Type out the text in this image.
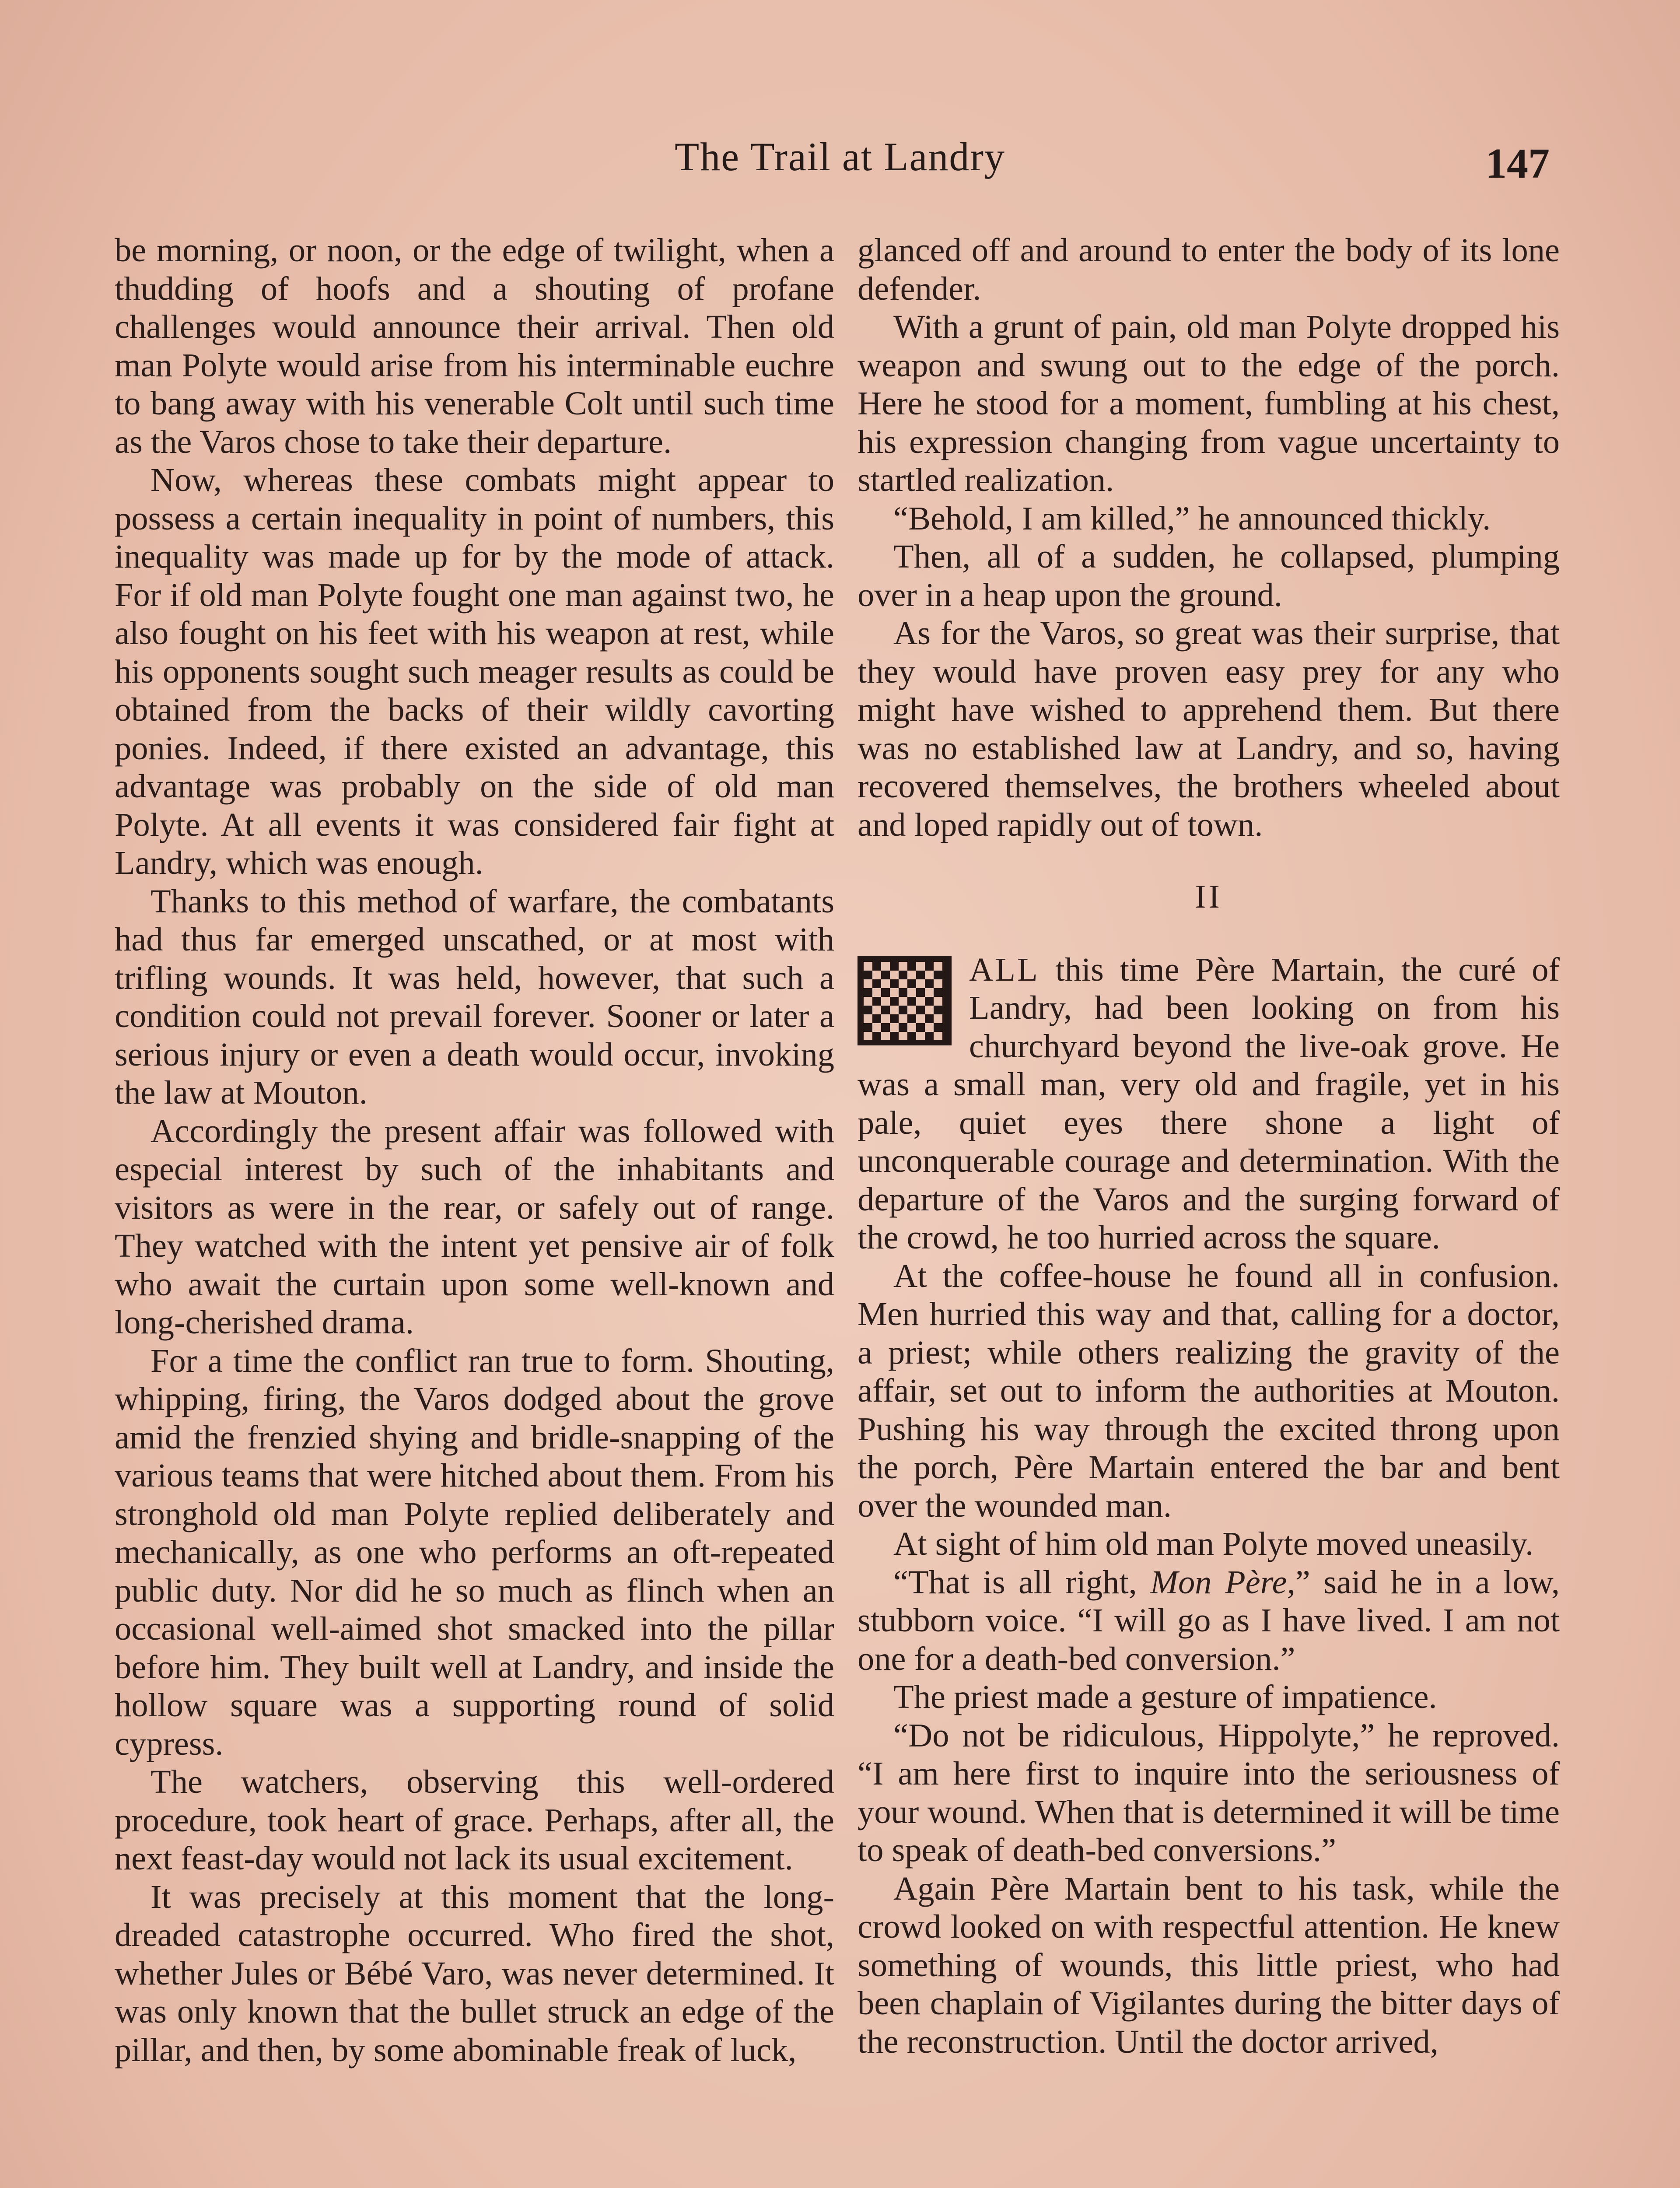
The Trail at Landry	147

be morning, or noon, or the edge of twilight, when a thudding of hoofs and a shouting of profane challenges would announce their arrival. Then old man Polyte would arise from his interminable euchre to bang away with his venerable Colt until such time as the Varos chose to take their departure.

Now, whereas these combats might appear to possess a certain inequality in point of numbers, this inequality was made up for by the mode of attack. For if old man Polyte fought one man against two, he also fought on his feet with his weapon at rest, while his opponents sought such meager results as could be obtained from the backs of their wildly cavorting ponies. Indeed, if there existed an advantage, this advantage was probably on the side of old man Polyte. At all events it was considered fair fight at Landry, which was enough.

Thanks to this method of warfare, the combatants had thus far emerged unscathed, or at most with trifling wounds. It was held, however, that such a condition could not prevail forever. Sooner or later a serious injury or even a death would occur, invoking the law at Mouton.

Accordingly the present affair was followed with especial interest by such of the inhabitants and visitors as were in the rear, or safely out of range. They watched with the intent yet pensive air of folk who await the curtain upon some well-known and long-cherished drama.

For a time the conflict ran true to form. Shouting, whipping, firing, the Varos dodged about the grove amid the frenzied shying and bridle-snapping of the various teams that were hitched about them. From his stronghold old man Polyte replied deliberately and mechanically, as one who performs an oft-repeated public duty. Nor did he so much as flinch when an occasional well-aimed shot smacked into the pillar before him. They built well at Landry, and inside the hollow square was a supporting round of solid cypress.

The watchers, observing this well-ordered procedure, took heart of grace. Perhaps, after all, the next feast-day would not lack its usual excitement.

It was precisely at this moment that the long-dreaded catastrophe occurred. Who fired the shot, whether Jules or Bébé Varo, was never determined. It was only known that the bullet struck an edge of the pillar, and then, by some abominable freak of luck,

glanced off and around to enter the body of its lone defender.

With a grunt of pain, old man Polyte dropped his weapon and swung out to the edge of the porch. Here he stood for a moment, fumbling at his chest, his expression changing from vague uncertainty to startled realization.

“Behold, I am killed,” he announced thickly.

Then, all of a sudden, he collapsed, plumping over in a heap upon the ground.

As for the Varos, so great was their surprise, that they would have proven easy prey for any who might have wished to apprehend them. But there was no established law at Landry, and so, having recovered themselves, the brothers wheeled about and loped rapidly out of town.

II

ALL this time Père Martain, the curé of Landry, had been looking on from his churchyard beyond the live-oak grove. He was a small man, very old and fragile, yet in his pale, quiet eyes there shone a light of unconquerable courage and determination. With the departure of the Varos and the surging forward of the crowd, he too hurried across the square.

At the coffee-house he found all in confusion. Men hurried this way and that, calling for a doctor, a priest; while others realizing the gravity of the affair, set out to inform the authorities at Mouton. Pushing his way through the excited throng upon the porch, Père Martain entered the bar and bent over the wounded man.

At sight of him old man Polyte moved uneasily.

“That is all right, Mon Père,” said he in a low, stubborn voice. “I will go as I have lived. I am not one for a death-bed conversion.”

The priest made a gesture of impatience.

“Do not be ridiculous, Hippolyte,” he reproved. “I am here first to inquire into the seriousness of your wound. When that is determined it will be time to speak of death-bed conversions.”

Again Père Martain bent to his task, while the crowd looked on with respectful attention. He knew something of wounds, this little priest, who had been chaplain of Vigilantes during the bitter days of the reconstruction. Until the doctor arrived,
